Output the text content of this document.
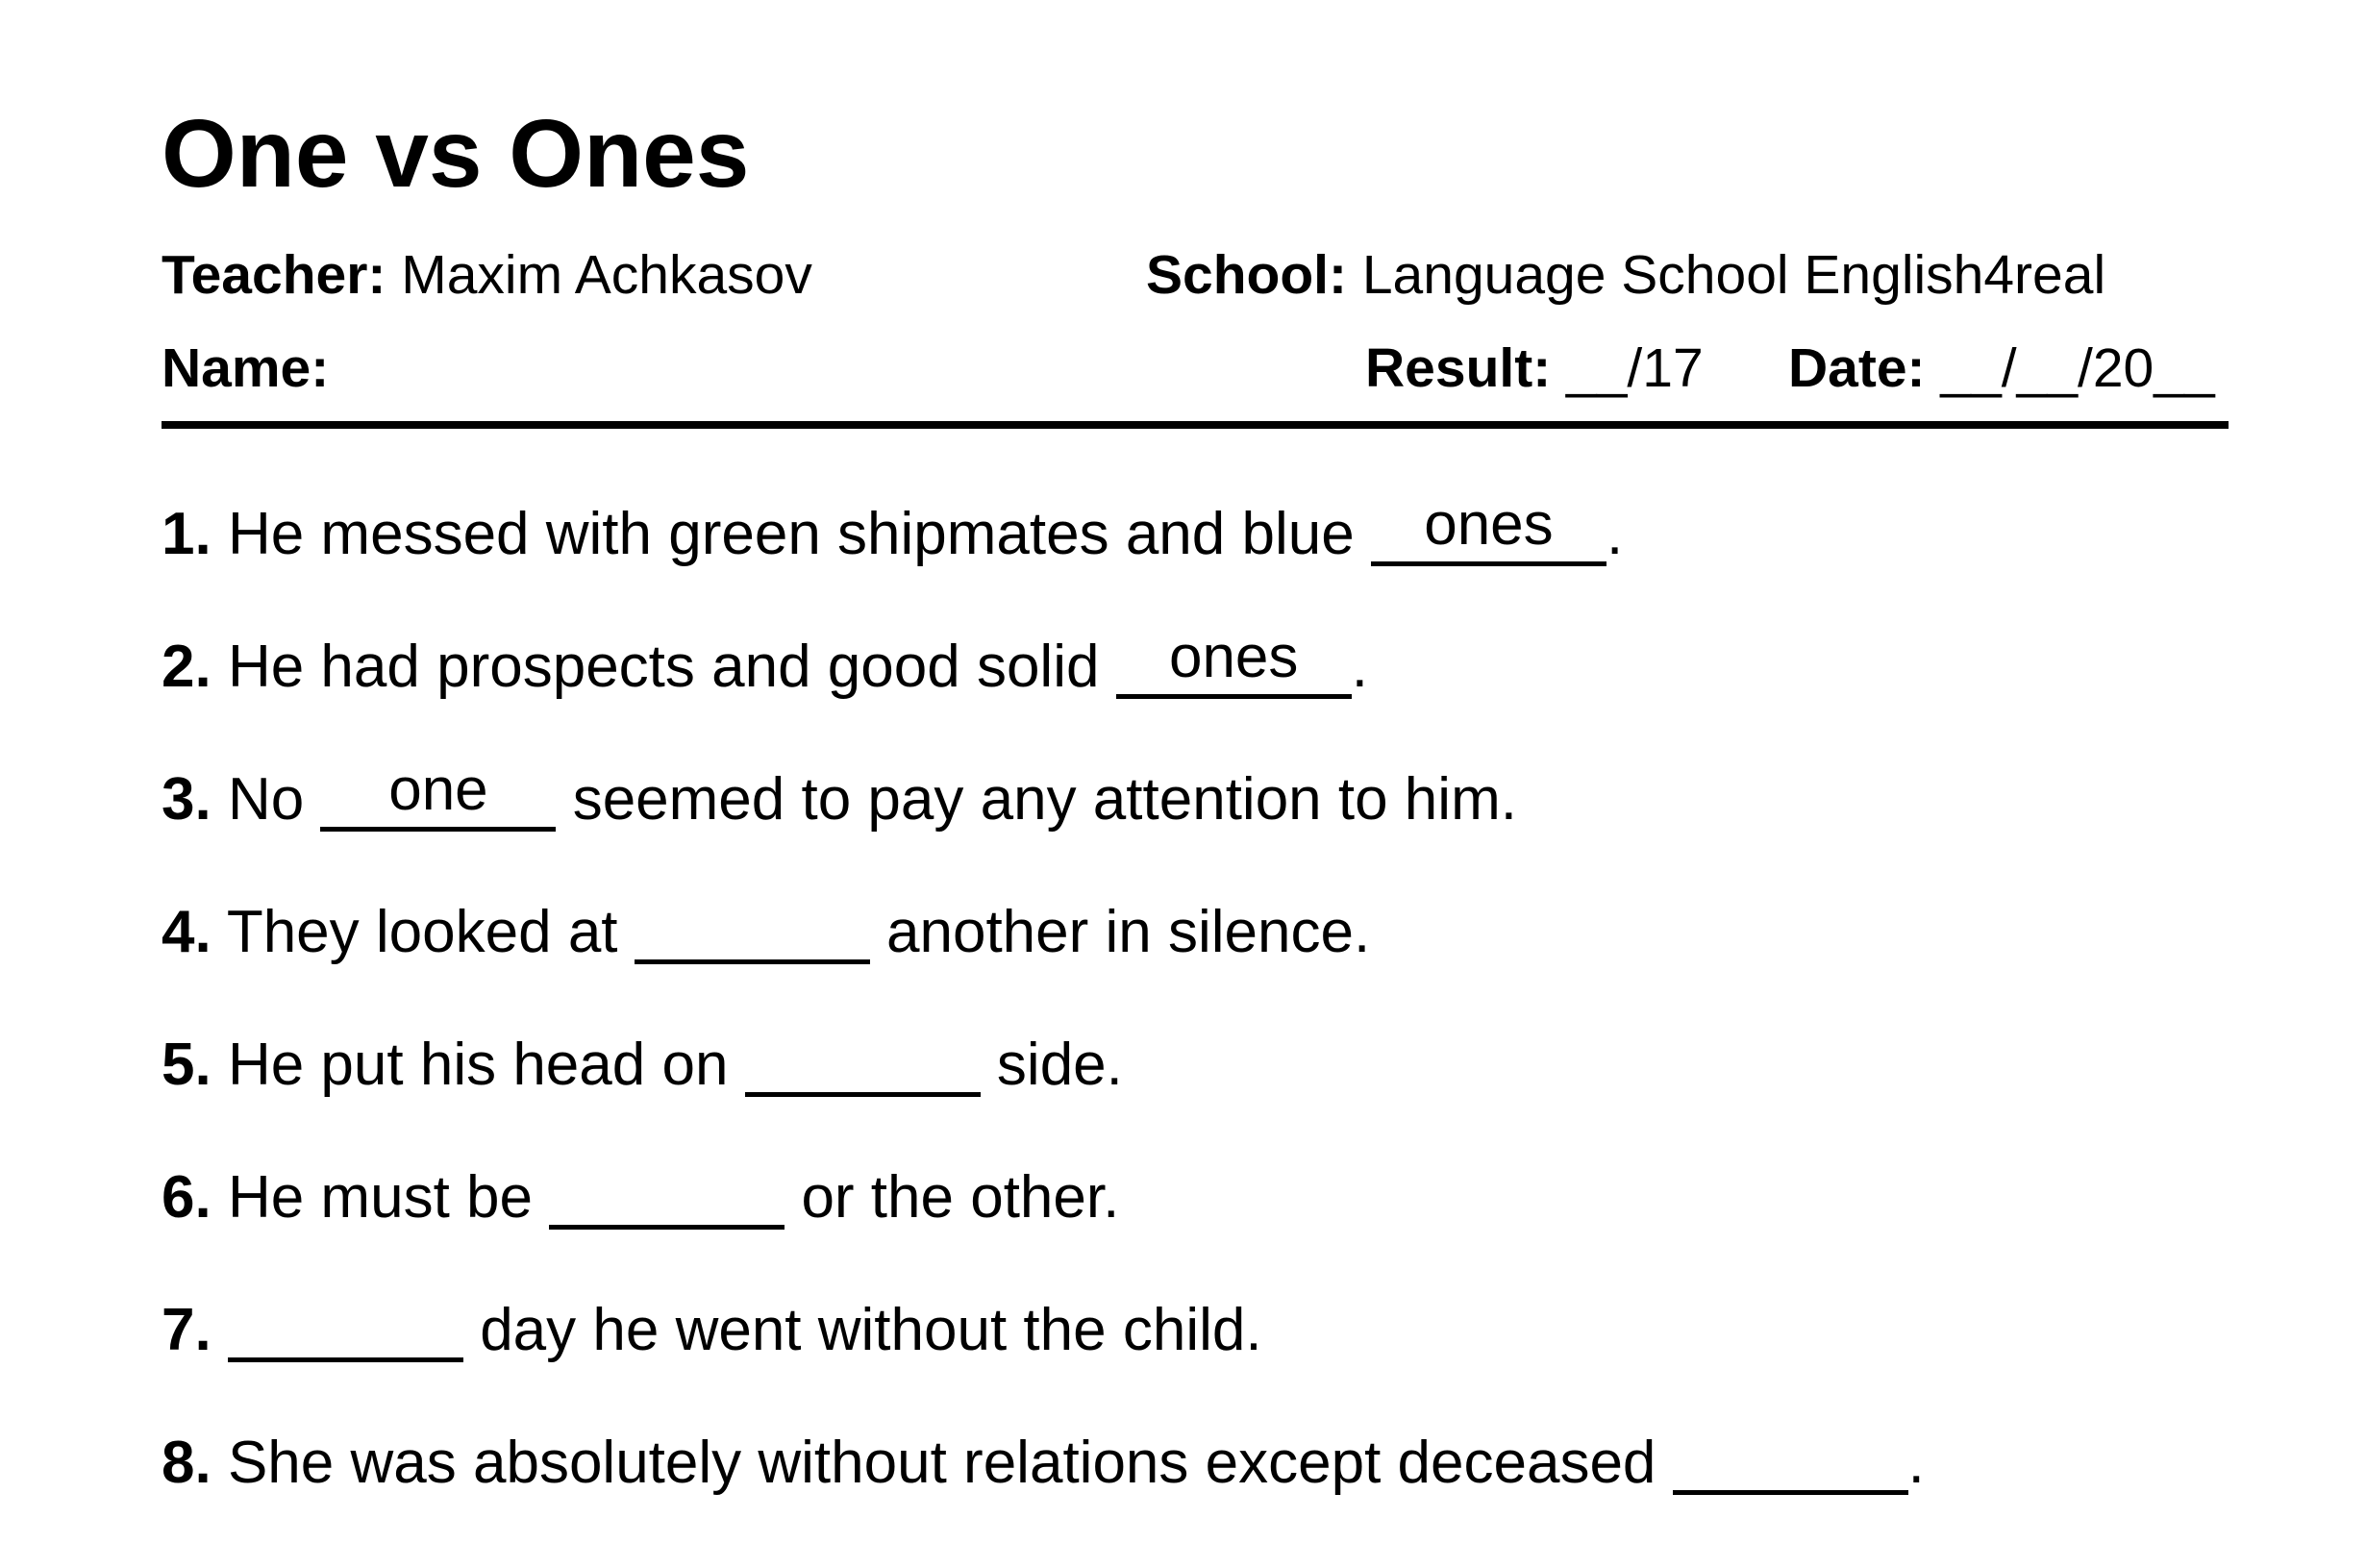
One vs Ones
Teacher: Maxim Achkasov	School: Language School English4real
Name:	Result: __/17 Date: __/__/20__
1. He messed with green shipmates and blue ones .
2. He had prospects and good solid ones .
3. No one seemed to pay any attention to him.
4. They looked at	another in silence.
5. He put his head on	side.
6. He must be	or the other.
7.	day he went without the child.
8. She was absolutely without relations except deceased	.
